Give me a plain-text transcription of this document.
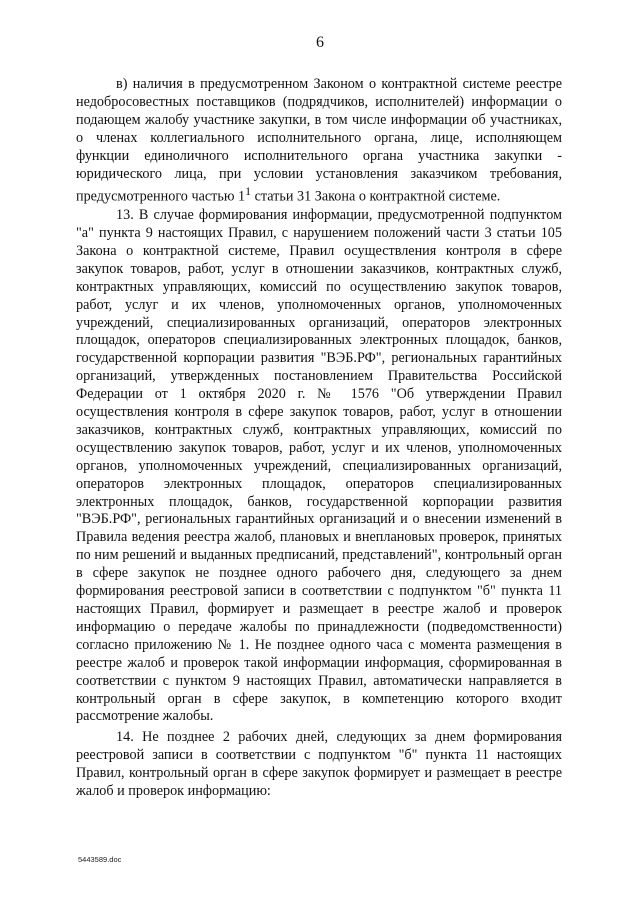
6

в) наличия в предусмотренном Законом о контрактной системе реестре недобросовестных поставщиков (подрядчиков, исполнителей) информации о подающем жалобу участнике закупки, в том числе информации об участниках, о членах коллегиального исполнительного органа, лице, исполняющем функции единоличного исполнительного органа участника закупки - юридического лица, при условии установления заказчиком требования, предусмотренного частью $1^1$ статьи 31 Закона о контрактной системе.

13. В случае формирования информации, предусмотренной подпунктом "а" пункта 9 настоящих Правил, с нарушением положений части 3 статьи 105 Закона о контрактной системе, Правил осуществления контроля в сфере закупок товаров, работ, услуг в отношении заказчиков, контрактных служб, контрактных управляющих, комиссий по осуществлению закупок товаров, работ, услуг и их членов, уполномоченных органов, уполномоченных учреждений, специализированных организаций, операторов электронных площадок, операторов специализированных электронных площадок, банков, государственной корпорации развития "ВЭБ.РФ", региональных гарантийных организаций, утвержденных постановлением Правительства Российской Федерации от 1 октября 2020 г. № 1576 "Об утверждении Правил осуществления контроля в сфере закупок товаров, работ, услуг в отношении заказчиков, контрактных служб, контрактных управляющих, комиссий по осуществлению закупок товаров, работ, услуг и их членов, уполномоченных органов, уполномоченных учреждений, специализированных организаций, операторов электронных площадок, операторов специализированных электронных площадок, банков, государственной корпорации развития "ВЭБ.РФ", региональных гарантийных организаций и о внесении изменений в Правила ведения реестра жалоб, плановых и внеплановых проверок, принятых по ним решений и выданных предписаний, представлений", контрольный орган в сфере закупок не позднее одного рабочего дня, следующего за днем формирования реестровой записи в соответствии с подпунктом "б" пункта 11 настоящих Правил, формирует и размещает в реестре жалоб и проверок информацию о передаче жалобы по принадлежности (подведомственности) согласно приложению № 1. Не позднее одного часа с момента размещения в реестре жалоб и проверок такой информации информация, сформированная в соответствии с пунктом 9 настоящих Правил, автоматически направляется в контрольный орган в сфере закупок, в компетенцию которого входит рассмотрение жалобы.

14. Не позднее 2 рабочих дней, следующих за днем формирования реестровой записи в соответствии с подпунктом "б" пункта 11 настоящих Правил, контрольный орган в сфере закупок формирует и размещает в реестре жалоб и проверок информацию:

5443589.doc
